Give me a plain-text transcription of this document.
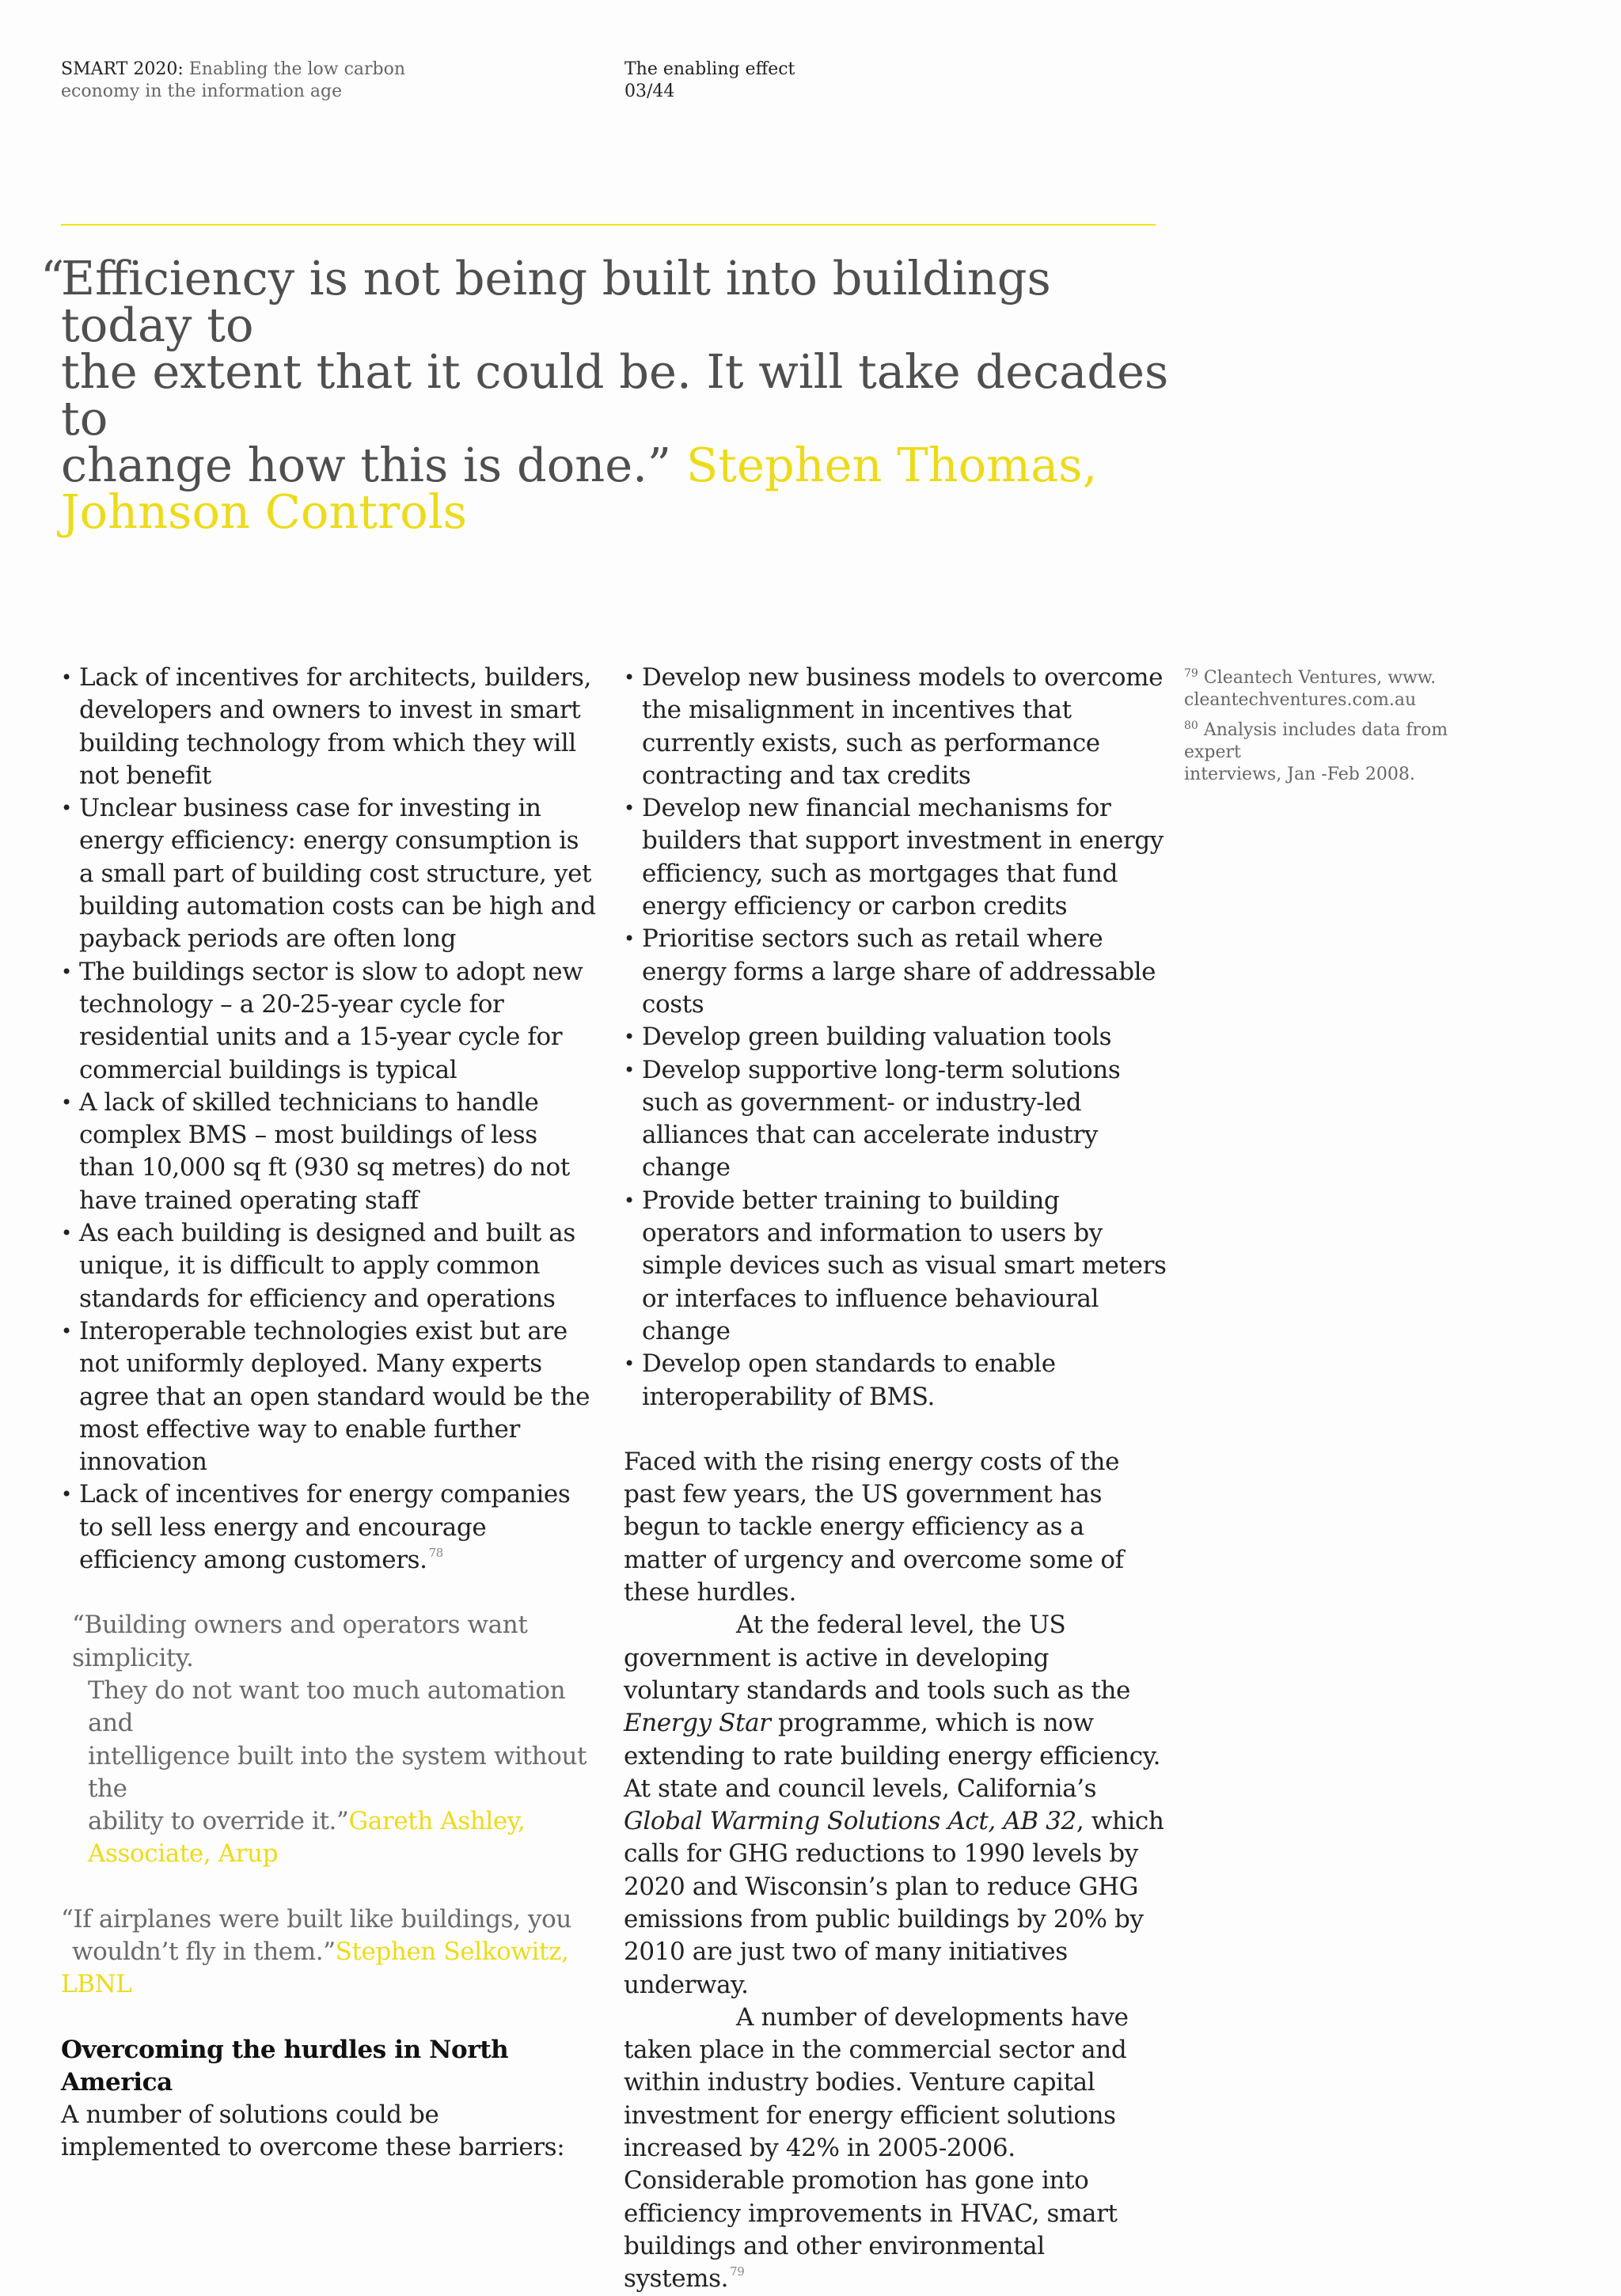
SMART 2020: Enabling the low carbon
economy in the information age
The enabling effect
03/44
“
Efficiency is not being built into buildings today to
the extent that it could be. It will take decades to
change how this is done.” Stephen Thomas,
Johnson Controls
• Lack of incentives for architects, builders, developers and owners to invest in smart building technology from which they will not benefit
• Unclear business case for investing in energy efficiency: energy consumption is a small part of building cost structure, yet building automation costs can be high and payback periods are often long
• The buildings sector is slow to adopt new technology – a 20-25-year cycle for residential units and a 15-year cycle for commercial buildings is typical
• A lack of skilled technicians to handle complex BMS – most buildings of less than 10,000 sq ft (930 sq metres) do not have trained operating staff
• As each building is designed and built as unique, it is difficult to apply common standards for efficiency and operations
• Interoperable technologies exist but are not uniformly deployed. Many experts agree that an open standard would be the most effective way to enable further innovation
• Lack of incentives for energy companies to sell less energy and encourage efficiency among customers. $^{78}$
“Building owners and operators want simplicity.

They do not want too much automation and
intelligence built into the system without the
ability to override it.”Gareth Ashley,
Associate, Arup
“If airplanes were built like buildings, you
wouldn’t fly in them.”Stephen Selkowitz, LBNL
Overcoming the hurdles in North America
A number of solutions could be implemented to overcome these barriers:
• Develop new business models to overcome the misalignment in incentives that currently exists, such as performance contracting and tax credits
• Develop new financial mechanisms for builders that support investment in energy efficiency, such as mortgages that fund energy efficiency or carbon credits
• Prioritise sectors such as retail where energy forms a large share of addressable costs
• Develop green building valuation tools
• Develop supportive long-term solutions such as government- or industry-led alliances that can accelerate industry change
• Provide better training to building operators and information to users by simple devices such as visual smart meters or interfaces to influence behavioural change
• Develop open standards to enable interoperability of BMS.

Faced with the rising energy costs of the past few years, the US government has begun to tackle energy efficiency as a matter of urgency and overcome some of these hurdles.

At the federal level, the US government is active in developing voluntary standards and tools such as the Energy Star programme, which is now extending to rate building energy efficiency. At state and council levels, California’s Global Warming Solutions Act, AB 32, which calls for GHG reductions to 1990 levels by 2020 and Wisconsin’s plan to reduce GHG emissions from public buildings by 20% by 2010 are just two of many initiatives underway.

A number of developments have taken place in the commercial sector and within industry bodies. Venture capital investment for energy efficient solutions increased by 42% in 2005-2006. Considerable promotion has gone into efficiency improvements in HVAC, smart buildings and other environmental systems. $^{79}$

$^{79}$ Cleantech Ventures, www.
cleantechventures.com.au
$^{80}$ Analysis includes data from expert
interviews, Jan -Feb 2008.
